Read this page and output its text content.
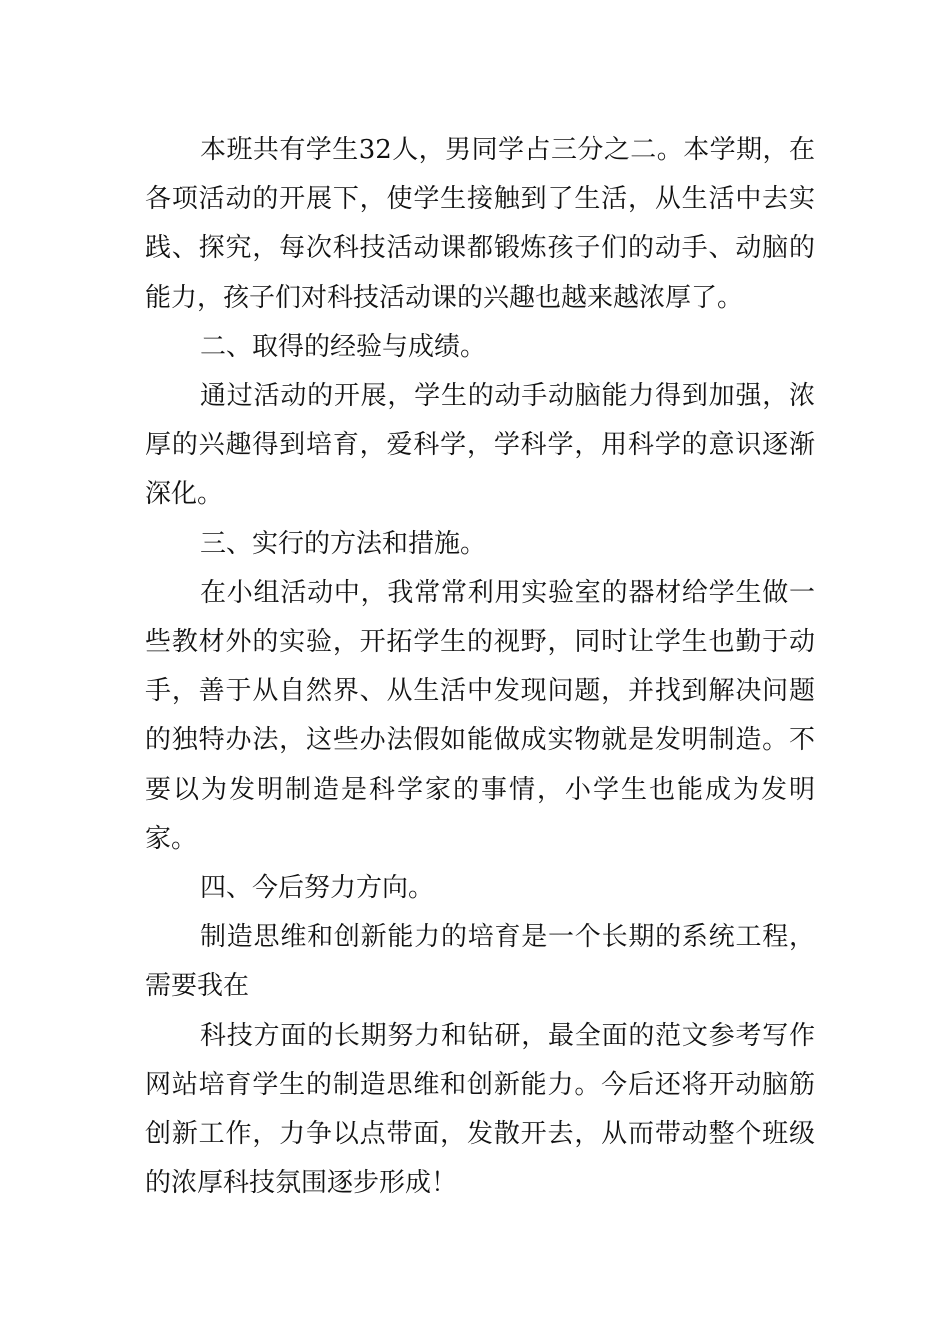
本班共有学生32人，男同学占三分之二。本学期，在各项活动的开展下，使学生接触到了生活，从生活中去实践、探究，每次科技活动课都锻炼孩子们的动手、动脑的能力，孩子们对科技活动课的兴趣也越来越浓厚了。

二、取得的经验与成绩。

通过活动的开展，学生的动手动脑能力得到加强，浓厚的兴趣得到培育，爱科学，学科学，用科学的意识逐渐深化。

三、实行的方法和措施。

在小组活动中，我常常利用实验室的器材给学生做一些教材外的实验，开拓学生的视野，同时让学生也勤于动手，善于从自然界、从生活中发现问题，并找到解决问题的独特办法，这些办法假如能做成实物就是发明制造。不要以为发明制造是科学家的事情，小学生也能成为发明家。

四、今后努力方向。

制造思维和创新能力的培育是一个长期的系统工程，需要我在

科技方面的长期努力和钻研，最全面的范文参考写作网站培育学生的制造思维和创新能力。今后还将开动脑筋创新工作，力争以点带面，发散开去，从而带动整个班级的浓厚科技氛围逐步形成！
